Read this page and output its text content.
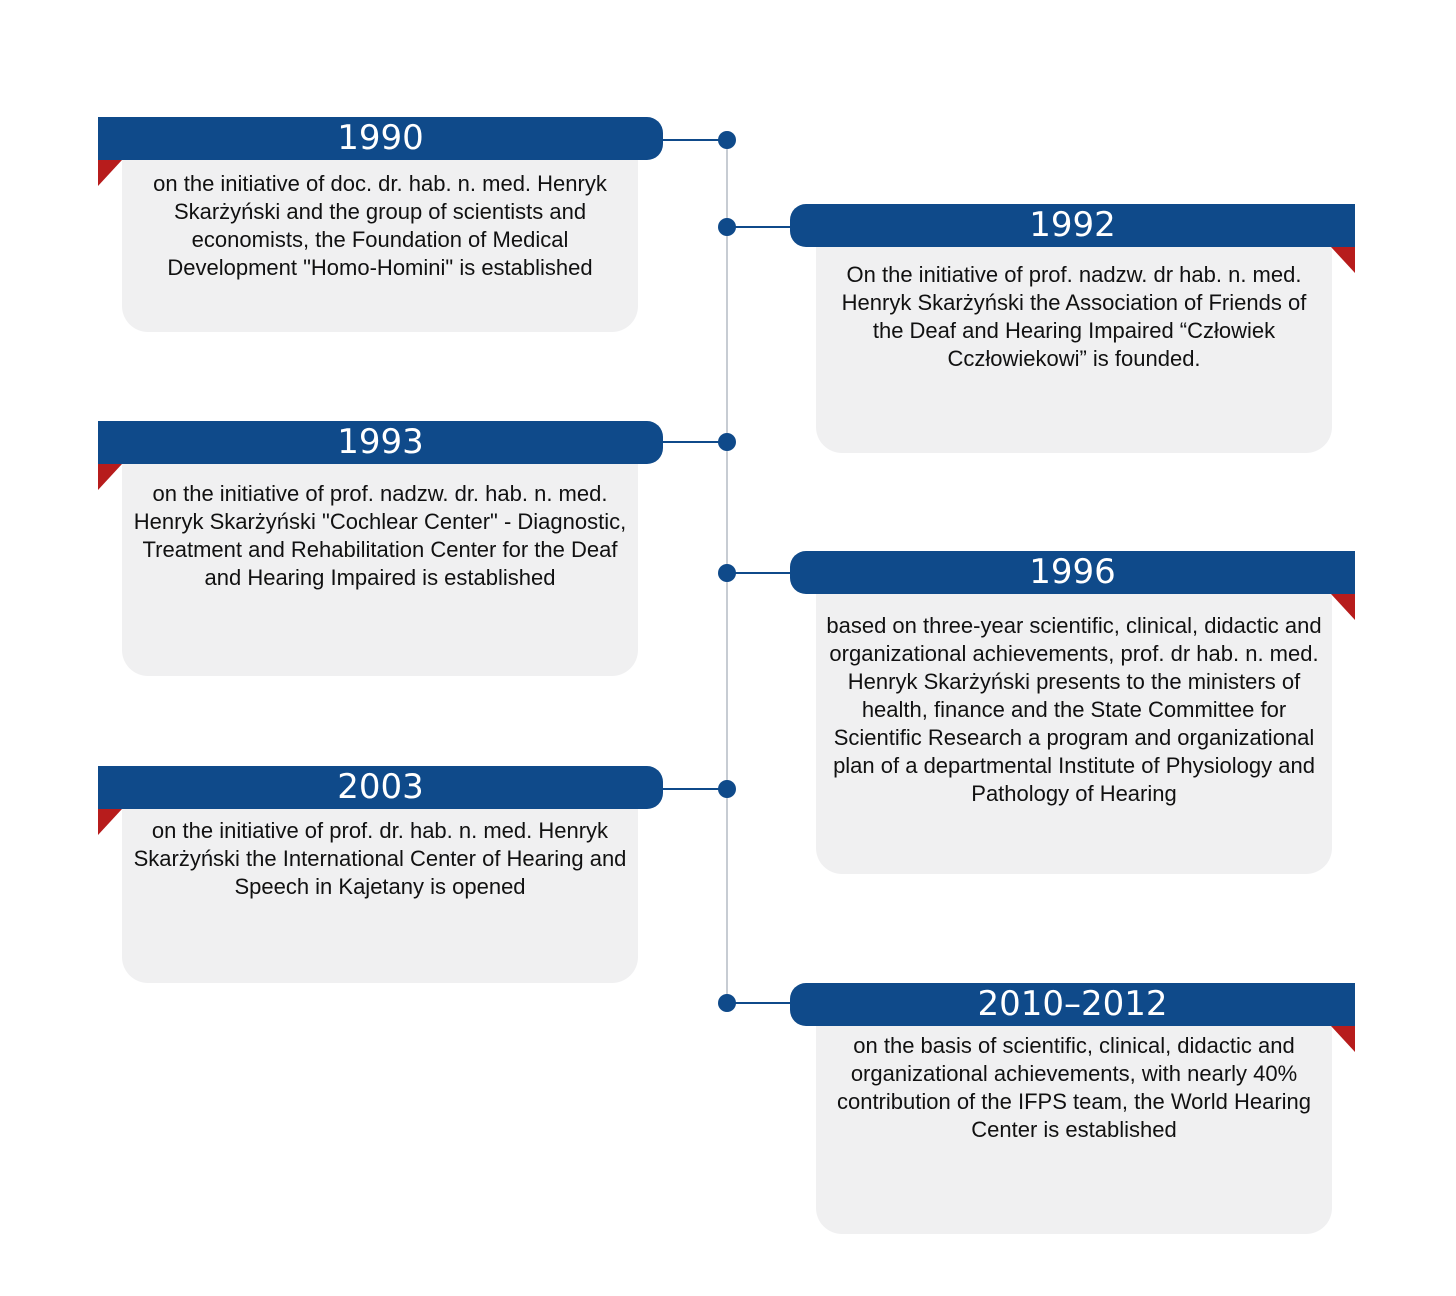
on the initiative of doc. dr. hab. n. med. Henryk Skarżyński and the group of scientists and economists, the Foundation of Medical Development "Homo-Homini" is established
1990
On the initiative of prof. nadzw. dr hab. n. med. Henryk Skarżyński the Association of Friends of the Deaf and Hearing Impaired “Człowiek Cczłowiekowi” is founded.
1992
on the initiative of prof. nadzw. dr. hab. n. med. Henryk Skarżyński "Cochlear Center" - Diagnostic, Treatment and Rehabilitation Center for the Deaf and Hearing Impaired is established
1993
based on three-year scientific, clinical, didactic and organizational achievements, prof. dr hab. n. med. Henryk Skarżyński presents to the ministers of health, finance and the State Committee for Scientific Research a program and organizational plan of a departmental Institute of Physiology and Pathology of Hearing
1996
on the initiative of prof. dr. hab. n. med. Henryk Skarżyński the International Center of Hearing and Speech in Kajetany is opened
2003
on the basis of scientific, clinical, didactic and organizational achievements, with nearly 40% contribution of the IFPS team, the World Hearing Center is established
2010–2012
